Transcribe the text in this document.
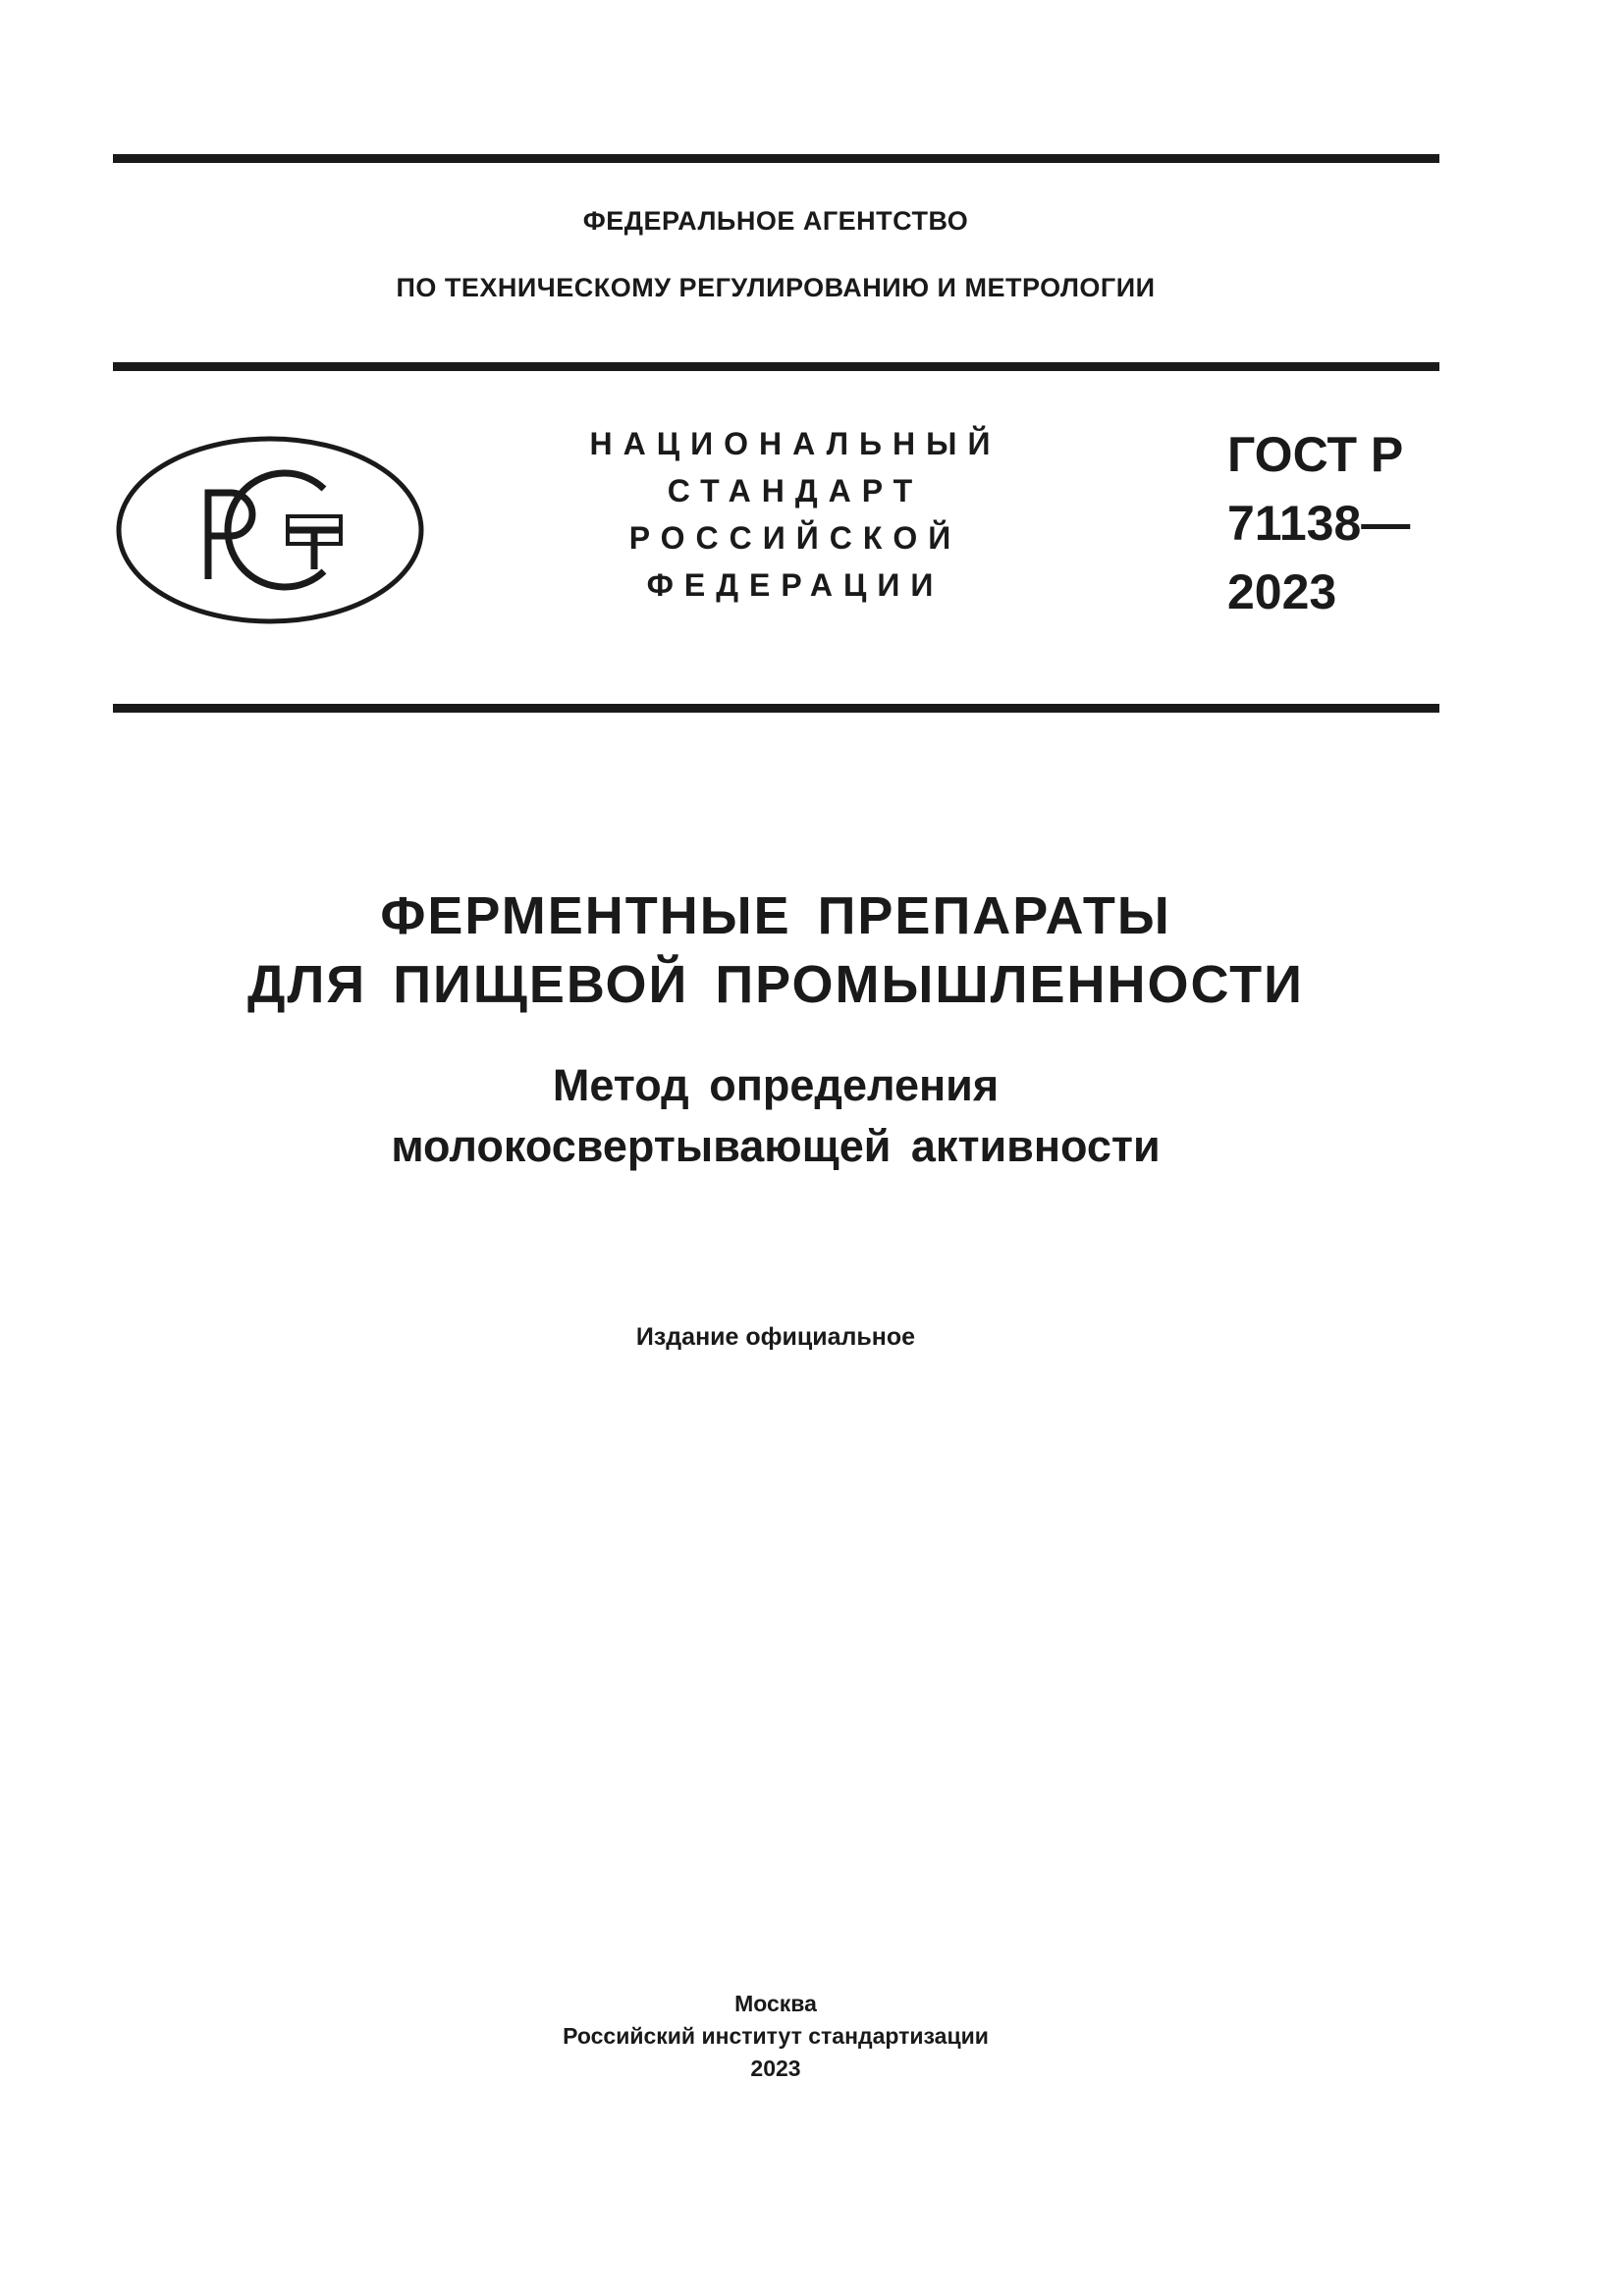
ФЕДЕРАЛЬНОЕ АГЕНТСТВО
ПО ТЕХНИЧЕСКОМУ РЕГУЛИРОВАНИЮ И МЕТРОЛОГИИ
НАЦИОНАЛЬНЫЙ
СТАНДАРТ
РОССИЙСКОЙ
ФЕДЕРАЦИИ
ГОСТ Р
71138—
2023
ФЕРМЕНТНЫЕ ПРЕПАРАТЫ
ДЛЯ ПИЩЕВОЙ ПРОМЫШЛЕННОСТИ
Метод определения
молокосвертывающей активности
Издание официальное
Москва
Российский институт стандартизации
2023
